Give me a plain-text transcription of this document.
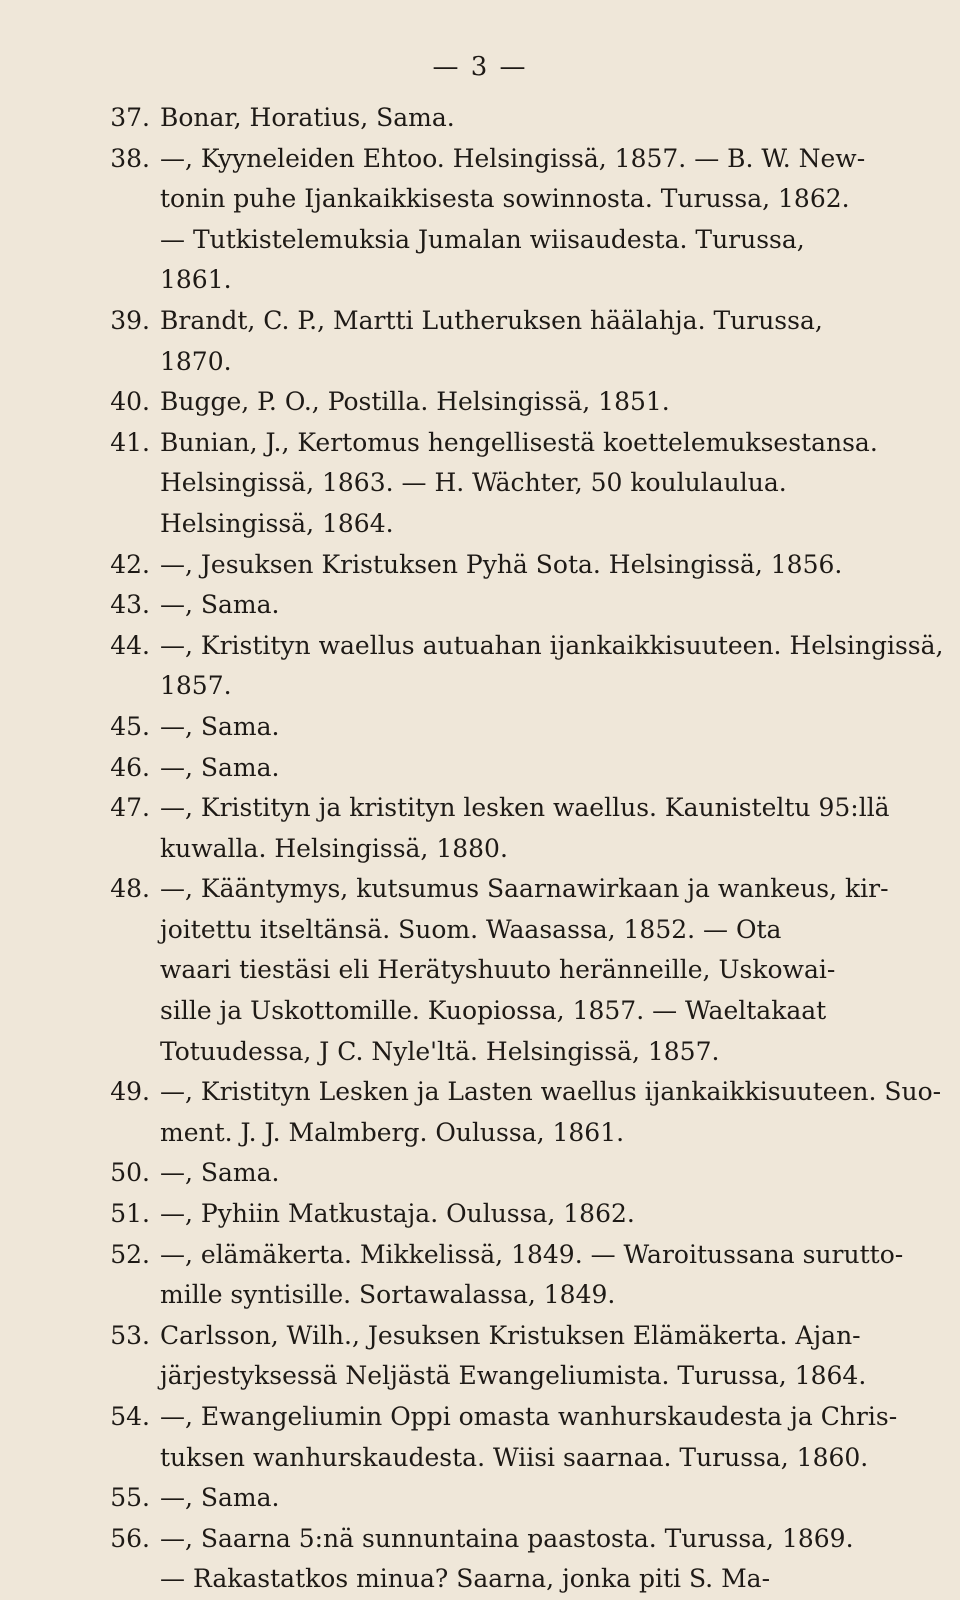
— 3 —
37. Bonar, Horatius, Sama.
38. —, Kyyneleiden Ehtoo. Helsingissä, 1857. — B. W. New-
tonin puhe Ijankaikkisesta sowinnosta. Turussa, 1862.
— Tutkistelemuksia Jumalan wiisaudesta. Turussa,
1861.
39. Brandt, C. P., Martti Lutheruksen häälahja. Turussa,
1870.
40. Bugge, P. O., Postilla. Helsingissä, 1851.
41. Bunian, J., Kertomus hengellisestä koettelemuksestansa.
Helsingissä, 1863. — H. Wächter, 50 koululaulua.
Helsingissä, 1864.
42. —, Jesuksen Kristuksen Pyhä Sota. Helsingissä, 1856.
43. —, Sama.
44. —, Kristityn waellus autuahan ijankaikkisuuteen. Helsingissä,
1857.
45. —, Sama.
46. —, Sama.
47. —, Kristityn ja kristityn lesken waellus. Kaunisteltu 95:llä
kuwalla. Helsingissä, 1880.
48. —, Kääntymys, kutsumus Saarnawirkaan ja wankeus, kir-
joitettu itseltänsä. Suom. Waasassa, 1852. — Ota
waari tiestäsi eli Herätyshuuto heränneille, Uskowai-
sille ja Uskottomille. Kuopiossa, 1857. — Waeltakaat
Totuudessa, J C. Nyle'ltä. Helsingissä, 1857.
49. —, Kristityn Lesken ja Lasten waellus ijankaikkisuuteen. Suo-
ment. J. J. Malmberg. Oulussa, 1861.
50. —, Sama.
51. —, Pyhiin Matkustaja. Oulussa, 1862.
52. —, elämäkerta. Mikkelissä, 1849. — Waroitussana surutto-
mille syntisille. Sortawalassa, 1849.
53. Carlsson, Wilh., Jesuksen Kristuksen Elämäkerta. Ajan-
järjestyksessä Neljästä Ewangeliumista. Turussa, 1864.
54. —, Ewangeliumin Oppi omasta wanhurskaudesta ja Chris-
tuksen wanhurskaudesta. Wiisi saarnaa. Turussa, 1860.
55. —, Sama.
56. —, Saarna 5:nä sunnuntaina paastosta. Turussa, 1869.
— Rakastatkos minua? Saarna, jonka piti S. Ma-
